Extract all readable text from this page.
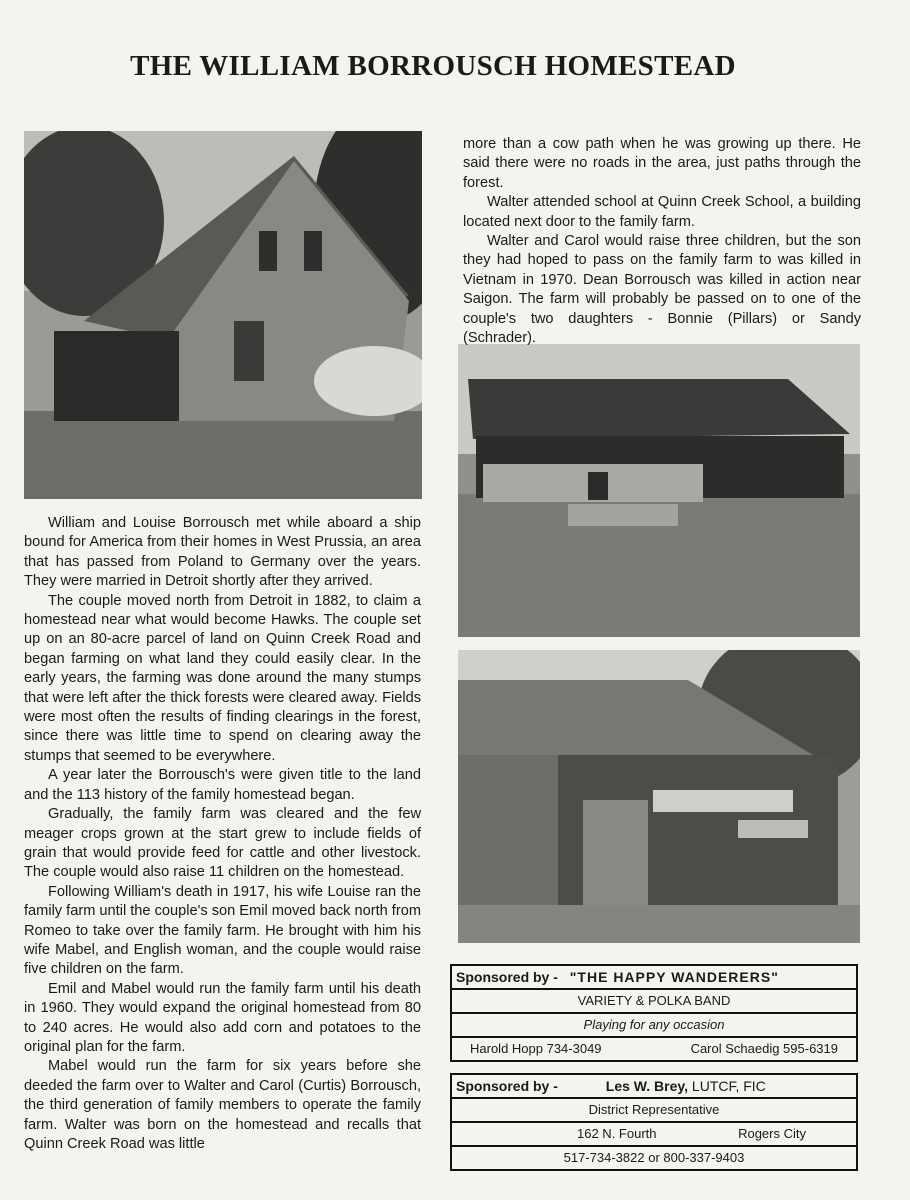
THE WILLIAM BORROUSCH HOMESTEAD

William and Louise Borrousch met while aboard a ship bound for America from their homes in West Prussia, an area that has passed from Poland to Germany over the years. They were married in Detroit shortly after they arrived.

The couple moved north from Detroit in 1882, to claim a homestead near what would become Hawks. The couple set up on an 80-acre parcel of land on Quinn Creek Road and began farming on what land they could easily clear. In the early years, the farming was done around the many stumps that were left after the thick forests were cleared away. Fields were most often the results of finding clearings in the forest, since there was little time to spend on clearing away the stumps that seemed to be everywhere.

A year later the Borrousch's were given title to the land and the 113 history of the family homestead began.

Gradually, the family farm was cleared and the few meager crops grown at the start grew to include fields of grain that would provide feed for cattle and other livestock. The couple would also raise 11 children on the homestead.

Following William's death in 1917, his wife Louise ran the family farm until the couple's son Emil moved back north from Romeo to take over the family farm. He brought with him his wife Mabel, and English woman, and the couple would raise five children on the farm.

Emil and Mabel would run the family farm until his death in 1960. They would expand the original homestead from 80 to 240 acres. He would also add corn and potatoes to the original plan for the farm.

Mabel would run the farm for six years before she deeded the farm over to Walter and Carol (Curtis) Borrousch, the third generation of family members to operate the family farm. Walter was born on the homestead and recalls that Quinn Creek Road was little

more than a cow path when he was growing up there. He said there were no roads in the area, just paths through the forest.

Walter attended school at Quinn Creek School, a building located next door to the family farm.

Walter and Carol would raise three children, but the son they had hoped to pass on the family farm to was killed in Vietnam in 1970. Dean Borrousch was killed in action near Saigon. The farm will probably be passed on to one of the couple's two daughters - Bonnie (Pillars) or Sandy (Schrader).

Sponsored by - "THE HAPPY WANDERERS"
VARIETY & POLKA BAND
Playing for any occasion
Harold Hopp 734-3049	Carol Schaedig 595-6319
Sponsored by -	Les W. Brey, LUTCF, FIC
District Representative
162 N. Fourth	Rogers City
517-734-3822 or 800-337-9403
